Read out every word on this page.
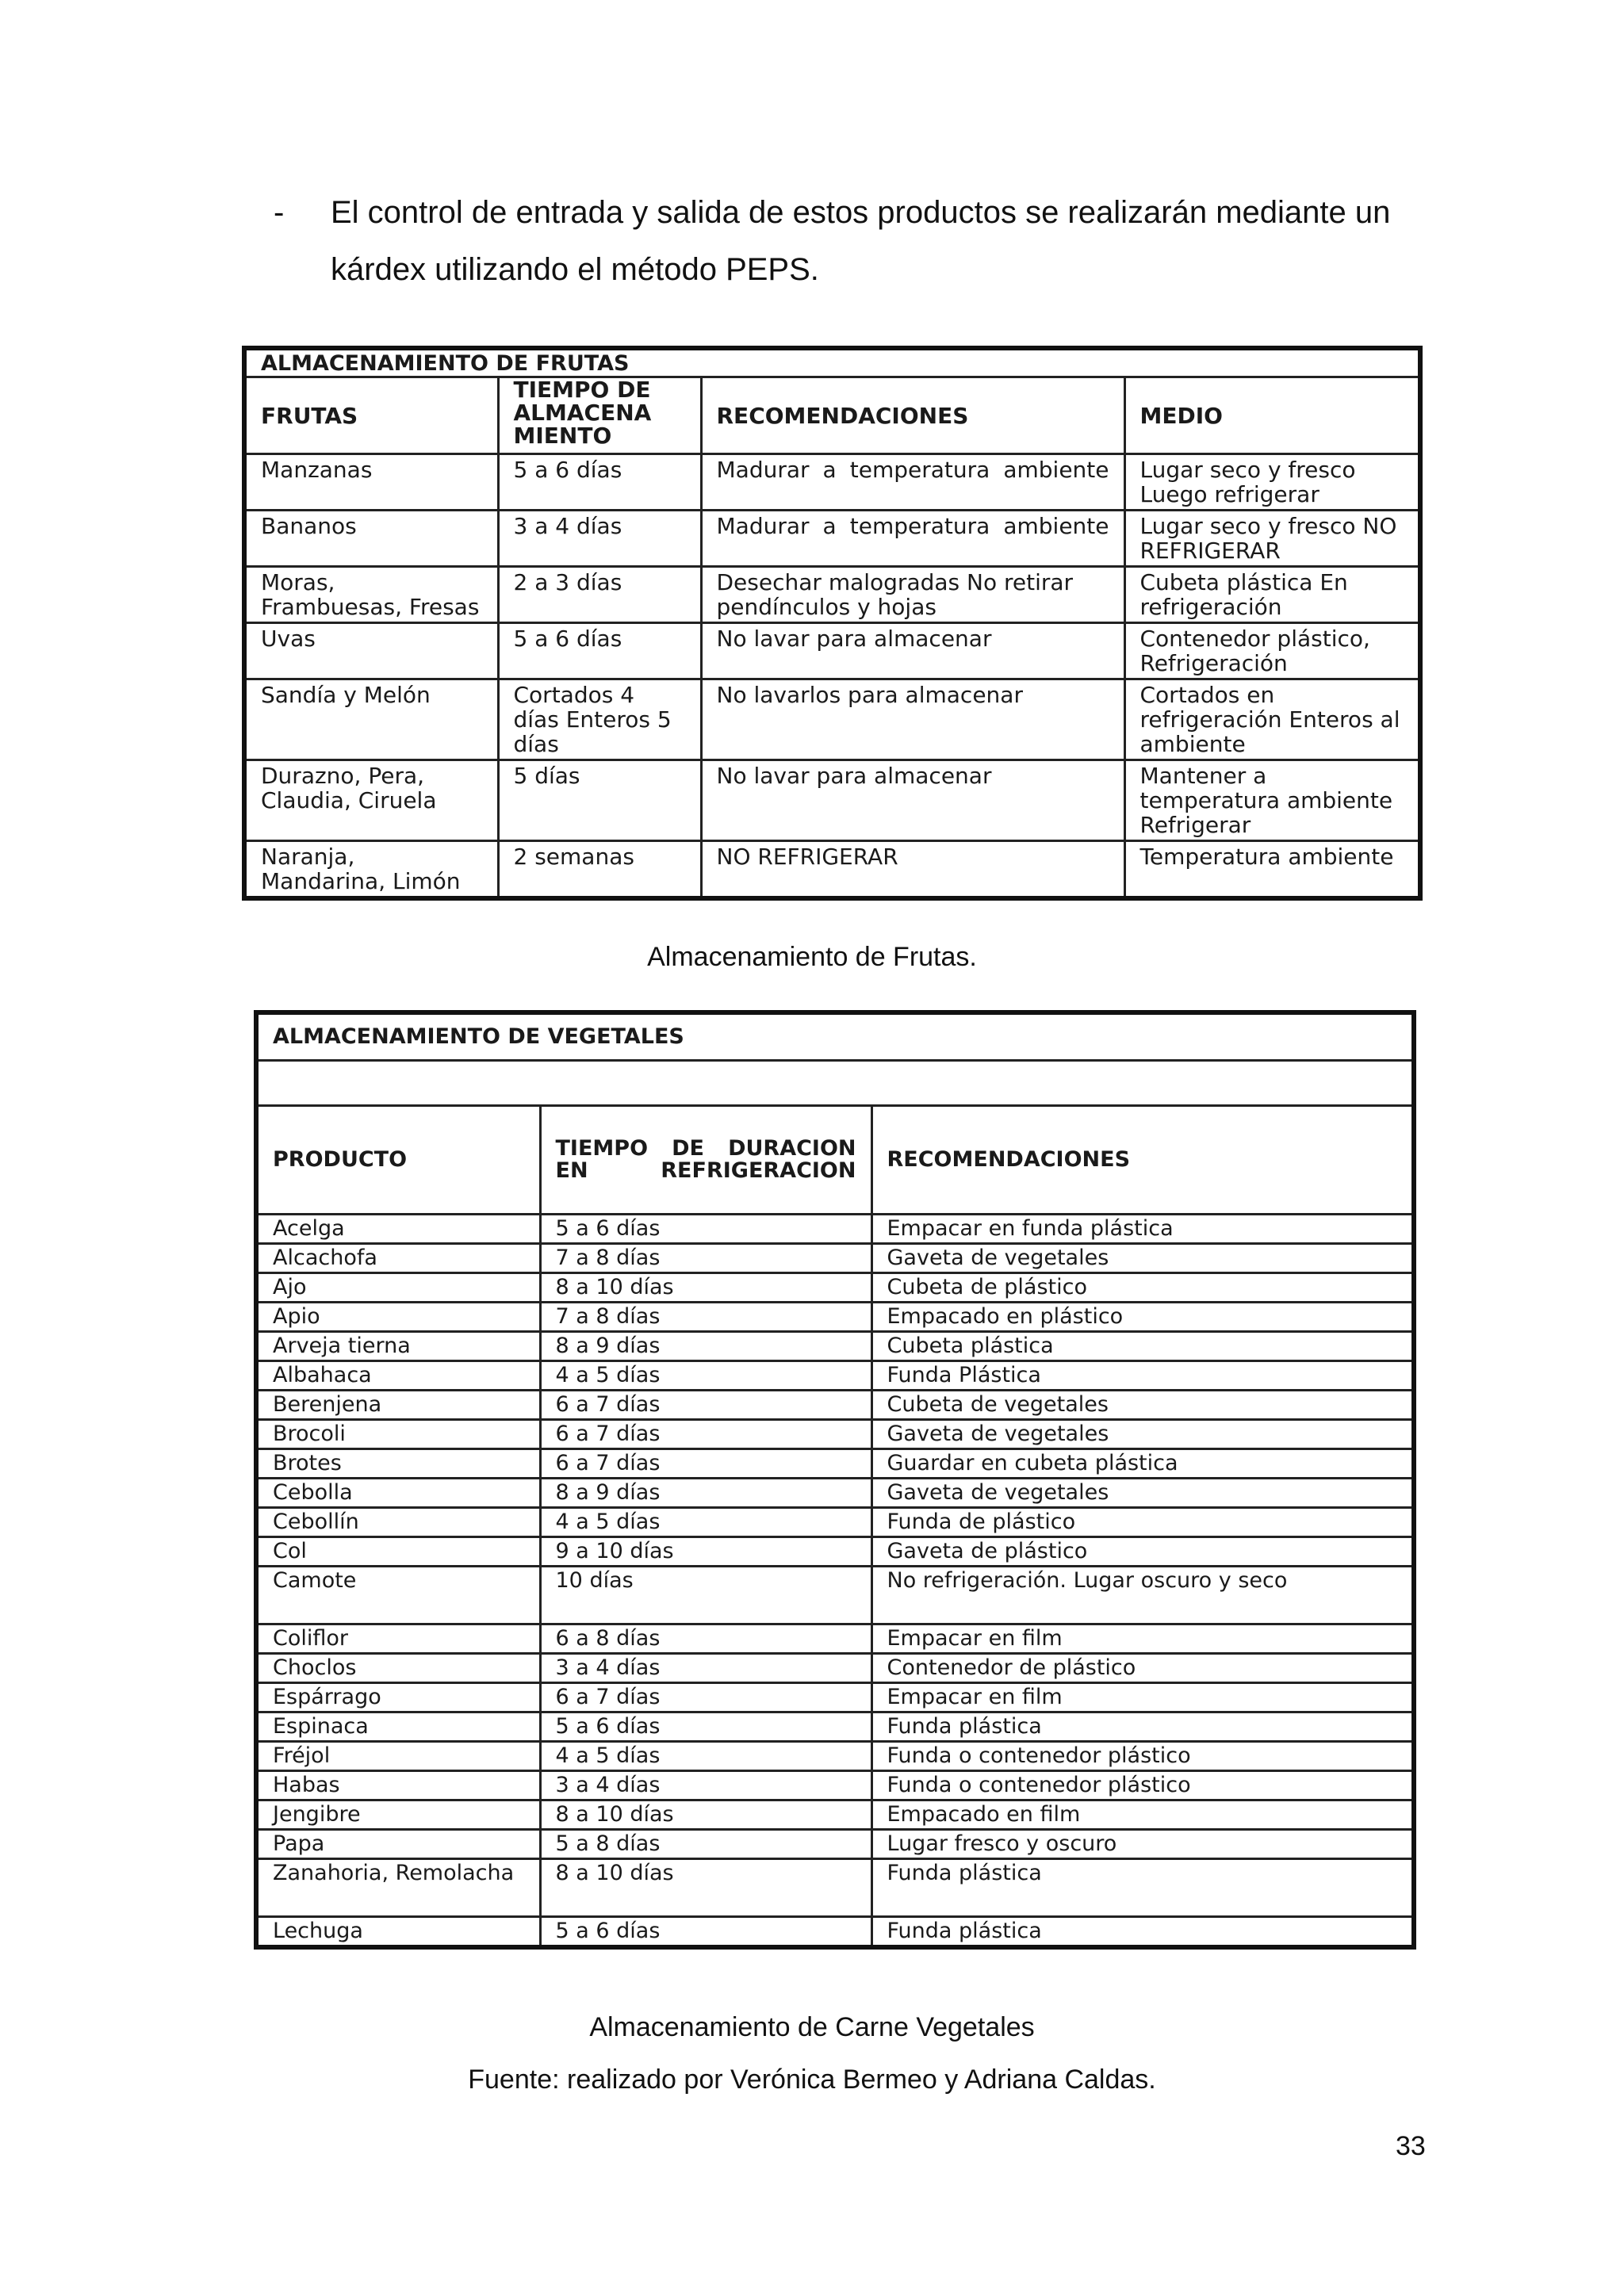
- El control de entrada y salida de estos productos se realizarán mediante un kárdex utilizando el método PEPS.
ALMACENAMIENTO DE FRUTAS			
FRUTAS	TIEMPO DE ALMACENA MIENTO	RECOMENDACIONES	MEDIO
Manzanas	5 a 6 días	Madurar a temperatura ambiente	Lugar seco y fresco Luego refrigerar
Bananos	3 a 4 días	Madurar a temperatura ambiente	Lugar seco y fresco NO REFRIGERAR
Moras, Frambuesas, Fresas	2 a 3 días	Desechar malogradas No retirar pendínculos y hojas	Cubeta plástica En refrigeración
Uvas	5 a 6 días	No lavar para almacenar	Contenedor plástico, Refrigeración
Sandía y Melón	Cortados 4 días Enteros 5 días	No lavarlos para almacenar	Cortados en refrigeración Enteros al ambiente
Durazno, Pera, Claudia, Ciruela	5 días	No lavar para almacenar	Mantener a temperatura ambiente Refrigerar
Naranja, Mandarina, Limón	2 semanas	NO REFRIGERAR	Temperatura ambiente
Almacenamiento de Frutas.
ALMACENAMIENTO DE VEGETALES		

PRODUCTO	TIEMPO DE DURACION EN REFRIGERACION	RECOMENDACIONES
Acelga	5 a 6 días	Empacar en funda plástica
Alcachofa	7 a 8 días	Gaveta de vegetales
Ajo	8 a 10 días	Cubeta de plástico
Apio	7 a 8 días	Empacado en plástico
Arveja tierna	8 a 9 días	Cubeta plástica
Albahaca	4 a 5 días	Funda Plástica
Berenjena	6 a 7 días	Cubeta de vegetales
Brocoli	6 a 7 días	Gaveta de vegetales
Brotes	6 a 7 días	Guardar en cubeta plástica
Cebolla	8 a 9 días	Gaveta de vegetales
Cebollín	4 a 5 días	Funda de plástico
Col	9 a 10 días	Gaveta de plástico
Camote	10 días	No refrigeración. Lugar oscuro y seco
Coliflor	6 a 8 días	Empacar en film
Choclos	3 a 4 días	Contenedor de plástico
Espárrago	6 a 7 días	Empacar en film
Espinaca	5 a 6 días	Funda plástica
Fréjol	4 a 5 días	Funda o contenedor plástico
Habas	3 a 4 días	Funda o contenedor plástico
Jengibre	8 a 10 días	Empacado en film
Papa	5 a 8 días	Lugar fresco y oscuro
Zanahoria, Remolacha	8 a 10 días	Funda plástica
Lechuga	5 a 6 días	Funda plástica
Almacenamiento de Carne Vegetales
Fuente: realizado por Verónica Bermeo y Adriana Caldas.
33
